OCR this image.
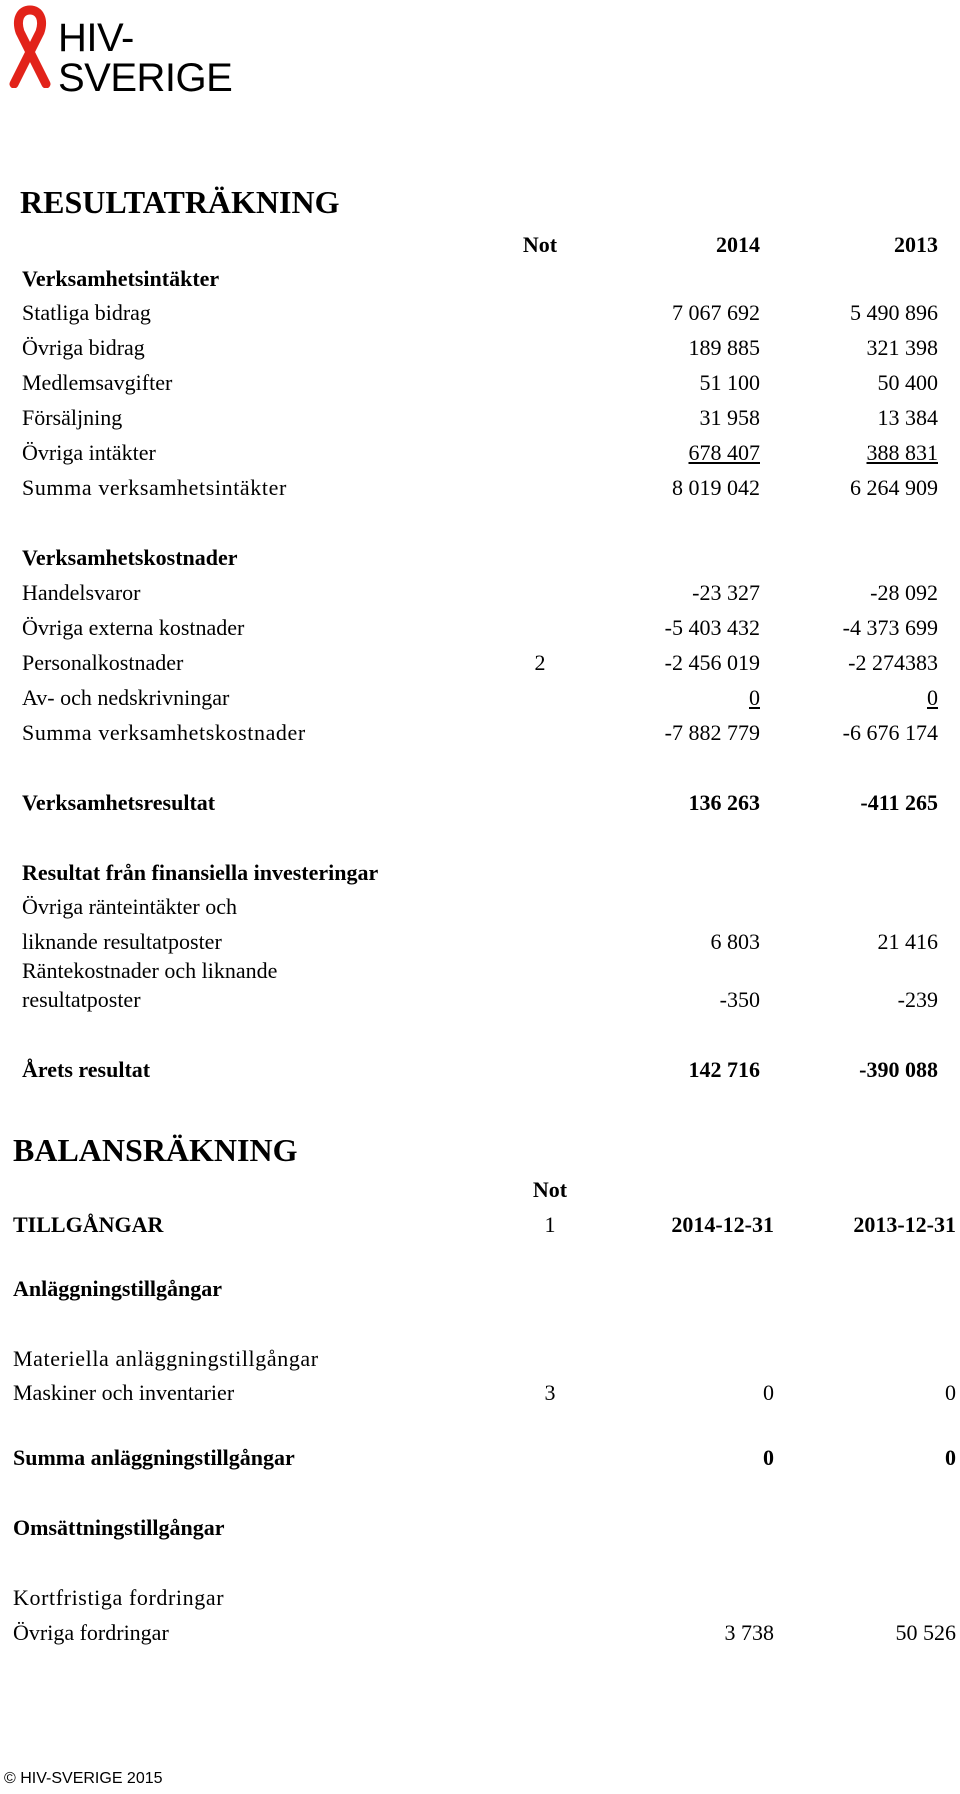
HIV-SVERIGE
RESULTATRÄKNING
Not	2014	2013
Verksamhetsintäkter
Statliga bidrag	7 067 692	5 490 896
Övriga bidrag	189 885	321 398
Medlemsavgifter	51 100	50 400
Försäljning	31 958	13 384
Övriga intäkter	678 407	388 831
Summa verksamhetsintäkter	8 019 042	6 264 909
Verksamhetskostnader
Handelsvaror	-23 327	-28 092
Övriga externa kostnader	-5 403 432	-4 373 699
Personalkostnader	2	-2 456 019	-2 274383
Av- och nedskrivningar	0	0
Summa verksamhetskostnader	-7 882 779	-6 676 174
Verksamhetsresultat	136 263	-411 265
Resultat från finansiella investeringar
Övriga ränteintäkter och
liknande resultatposter	6 803	21 416
Räntekostnader och liknande
resultatposter	-350	-239
Årets resultat	142 716	-390 088
BALANSRÄKNING
Not
TILLGÅNGAR	1	2014-12-31	2013-12-31
Anläggningstillgångar
Materiella anläggningstillgångar
Maskiner och inventarier	3	0	0
Summa anläggningstillgångar	0	0
Omsättningstillgångar
Kortfristiga fordringar
Övriga fordringar	3 738	50 526
© HIV-SVERIGE 2015
